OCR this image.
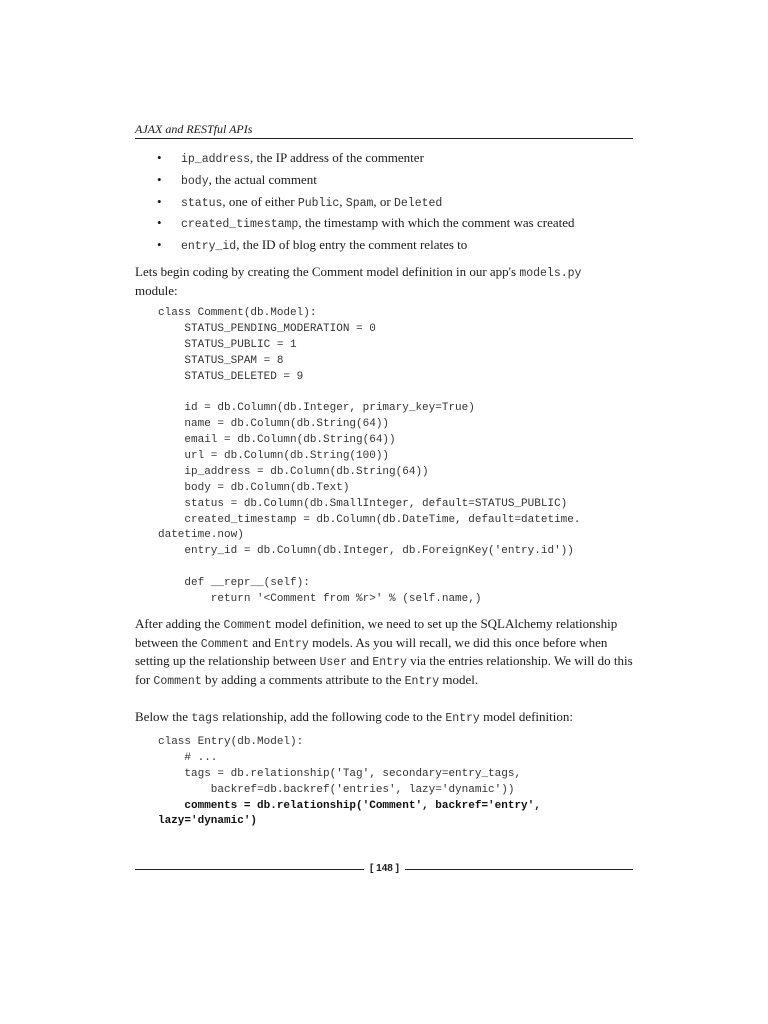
AJAX and RESTful APIs
• ip_address, the IP address of the commenter
• body, the actual comment
• status, one of either Public, Spam, or Deleted
• created_timestamp, the timestamp with which the comment was created
• entry_id, the ID of blog entry the comment relates to

Lets begin coding by creating the Comment model definition in our app's models.py
module:

class Comment(db.Model):
STATUS_PENDING_MODERATION = 0
STATUS_PUBLIC = 1
STATUS_SPAM = 8
STATUS_DELETED = 9
id = db.Column(db.Integer, primary_key=True)
name = db.Column(db.String(64))
email = db.Column(db.String(64))
url = db.Column(db.String(100))
ip_address = db.Column(db.String(64))
body = db.Column(db.Text)
status = db.Column(db.SmallInteger, default=STATUS_PUBLIC)
created_timestamp = db.Column(db.DateTime, default=datetime.
datetime.now)
entry_id = db.Column(db.Integer, db.ForeignKey('entry.id'))
def __repr__(self):
return '<Comment from %r>' % (self.name,)

After adding the Comment model definition, we need to set up the SQLAlchemy relationship between the Comment and Entry models. As you will recall, we did this once before when setting up the relationship between User and Entry via the entries relationship. We will do this for Comment by adding a comments attribute to the Entry model.

Below the tags relationship, add the following code to the Entry model definition:

class Entry(db.Model):
# ...
tags = db.relationship('Tag', secondary=entry_tags,
backref=db.backref('entries', lazy='dynamic'))
comments = db.relationship('Comment', backref='entry',
lazy='dynamic')
[ 148 ]
